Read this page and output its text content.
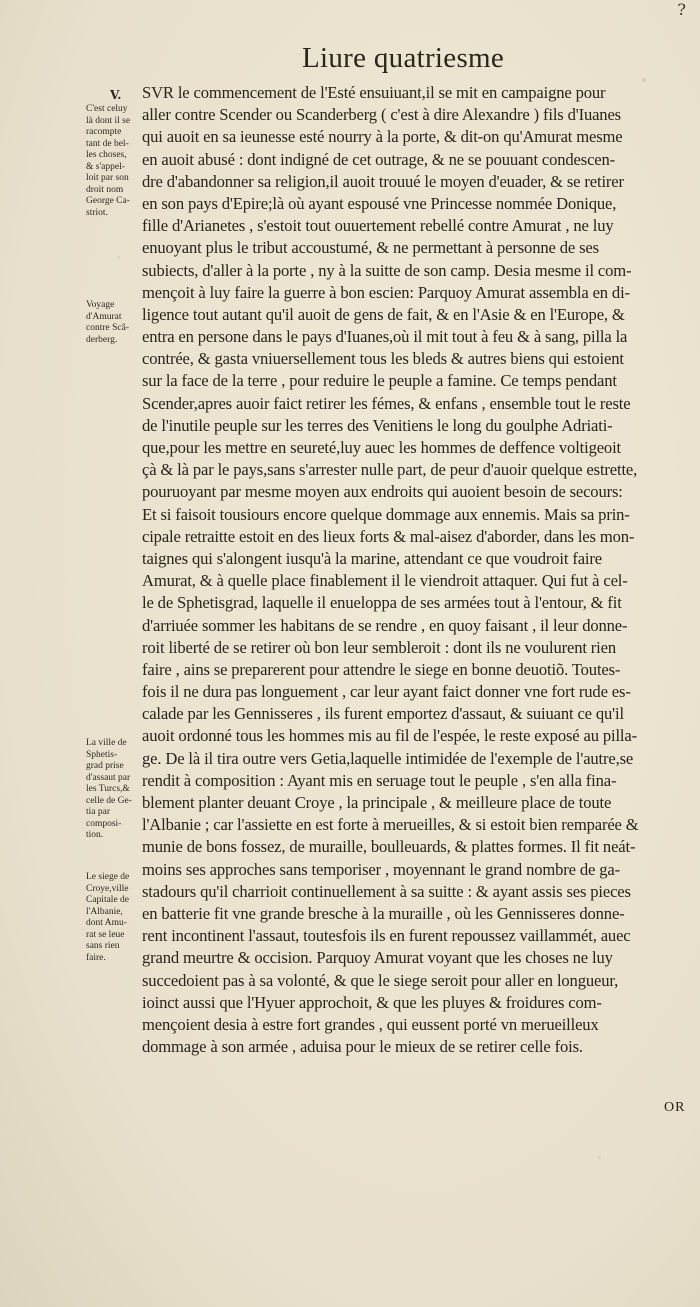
?
Liure quatriesme
V.
C'est celuy
là dont il se
racompte
tant de bel-
les choses,
& s'appel-
loit par son
droit nom
George Ca-
striot.
Voyage
d'Amurat
contre Scã-
derberg.
La ville de
Sphetis-
grad prise
d'assaut par
les Turcs,&
celle de Ge-
tia par
composi-
tion.
Le siege de
Croye,ville
Capitale de
l'Albanie,
dont Amu-
rat se leue
sans rien
faire.
SVR le commencement de l'Esté ensuiuant,il se mit en campaigne pour
aller contre Scender ou Scanderberg ( c'est à dire Alexandre ) fils d'Iuanes
qui auoit en sa ieunesse esté nourry à la porte, & dit-on qu'Amurat mesme
en auoit abusé : dont indigné de cet outrage, & ne se pouuant condescen-
dre d'abandonner sa religion,il auoit trouué le moyen d'euader, & se retirer
en son pays d'Epire;là où ayant espousé vne Princesse nommée Donique,
fille d'Arianetes , s'estoit tout ouuertement rebellé contre Amurat , ne luy
enuoyant plus le tribut accoustumé, & ne permettant à personne de ses
subiects, d'aller à la porte , ny à la suitte de son camp. Desia mesme il com-
mençoit à luy faire la guerre à bon escien: Parquoy Amurat assembla en di-
ligence tout autant qu'il auoit de gens de fait, & en l'Asie & en l'Europe, &
entra en persone dans le pays d'Iuanes,où il mit tout à feu & à sang, pilla la
contrée, & gasta vniuersellement tous les bleds & autres biens qui estoient
sur la face de la terre , pour reduire le peuple a famine. Ce temps pendant
Scender,apres auoir faict retirer les fémes, & enfans , ensemble tout le reste
de l'inutile peuple sur les terres des Venitiens le long du goulphe Adriati-
que,pour les mettre en seureté,luy auec les hommes de deffence voltigeoit
çà & là par le pays,sans s'arrester nulle part, de peur d'auoir quelque estrette,
pouruoyant par mesme moyen aux endroits qui auoient besoin de secours:
Et si faisoit tousiours encore quelque dommage aux ennemis. Mais sa prin-
cipale retraitte estoit en des lieux forts & mal-aisez d'aborder, dans les mon-
taignes qui s'alongent iusqu'à la marine, attendant ce que voudroit faire
Amurat, & à quelle place finablement il le viendroit attaquer. Qui fut à cel-
le de Sphetisgrad, laquelle il enueloppa de ses armées tout à l'entour, & fit
d'arriuée sommer les habitans de se rendre , en quoy faisant , il leur donne-
roit liberté de se retirer où bon leur sembleroit : dont ils ne voulurent rien
faire , ains se preparerent pour attendre le siege en bonne deuotiõ. Toutes-
fois il ne dura pas longuement , car leur ayant faict donner vne fort rude es-
calade par les Gennisseres , ils furent emportez d'assaut, & suiuant ce qu'il
auoit ordonné tous les hommes mis au fil de l'espée, le reste exposé au pilla-
ge. De là il tira outre vers Getia,laquelle intimidée de l'exemple de l'autre,se
rendit à composition : Ayant mis en seruage tout le peuple , s'en alla fina-
blement planter deuant Croye , la principale , & meilleure place de toute
l'Albanie ; car l'assiette en est forte à merueilles, & si estoit bien remparée &
munie de bons fossez, de muraille, boulleuards, & plattes formes. Il fit neát-
moins ses approches sans temporiser , moyennant le grand nombre de ga-
stadours qu'il charrioit continuellement à sa suitte : & ayant assis ses pieces
en batterie fit vne grande bresche à la muraille , où les Gennisseres donne-
rent incontinent l'assaut, toutesfois ils en furent repoussez vaillammét, auec
grand meurtre & occision. Parquoy Amurat voyant que les choses ne luy
succedoient pas à sa volonté, & que le siege seroit pour aller en longueur,
ioinct aussi que l'Hyuer approchoit, & que les pluyes & froidures com-
mençoient desia à estre fort grandes , qui eussent porté vn merueilleux
dommage à son armée , aduisa pour le mieux de se retirer celle fois.
OR
